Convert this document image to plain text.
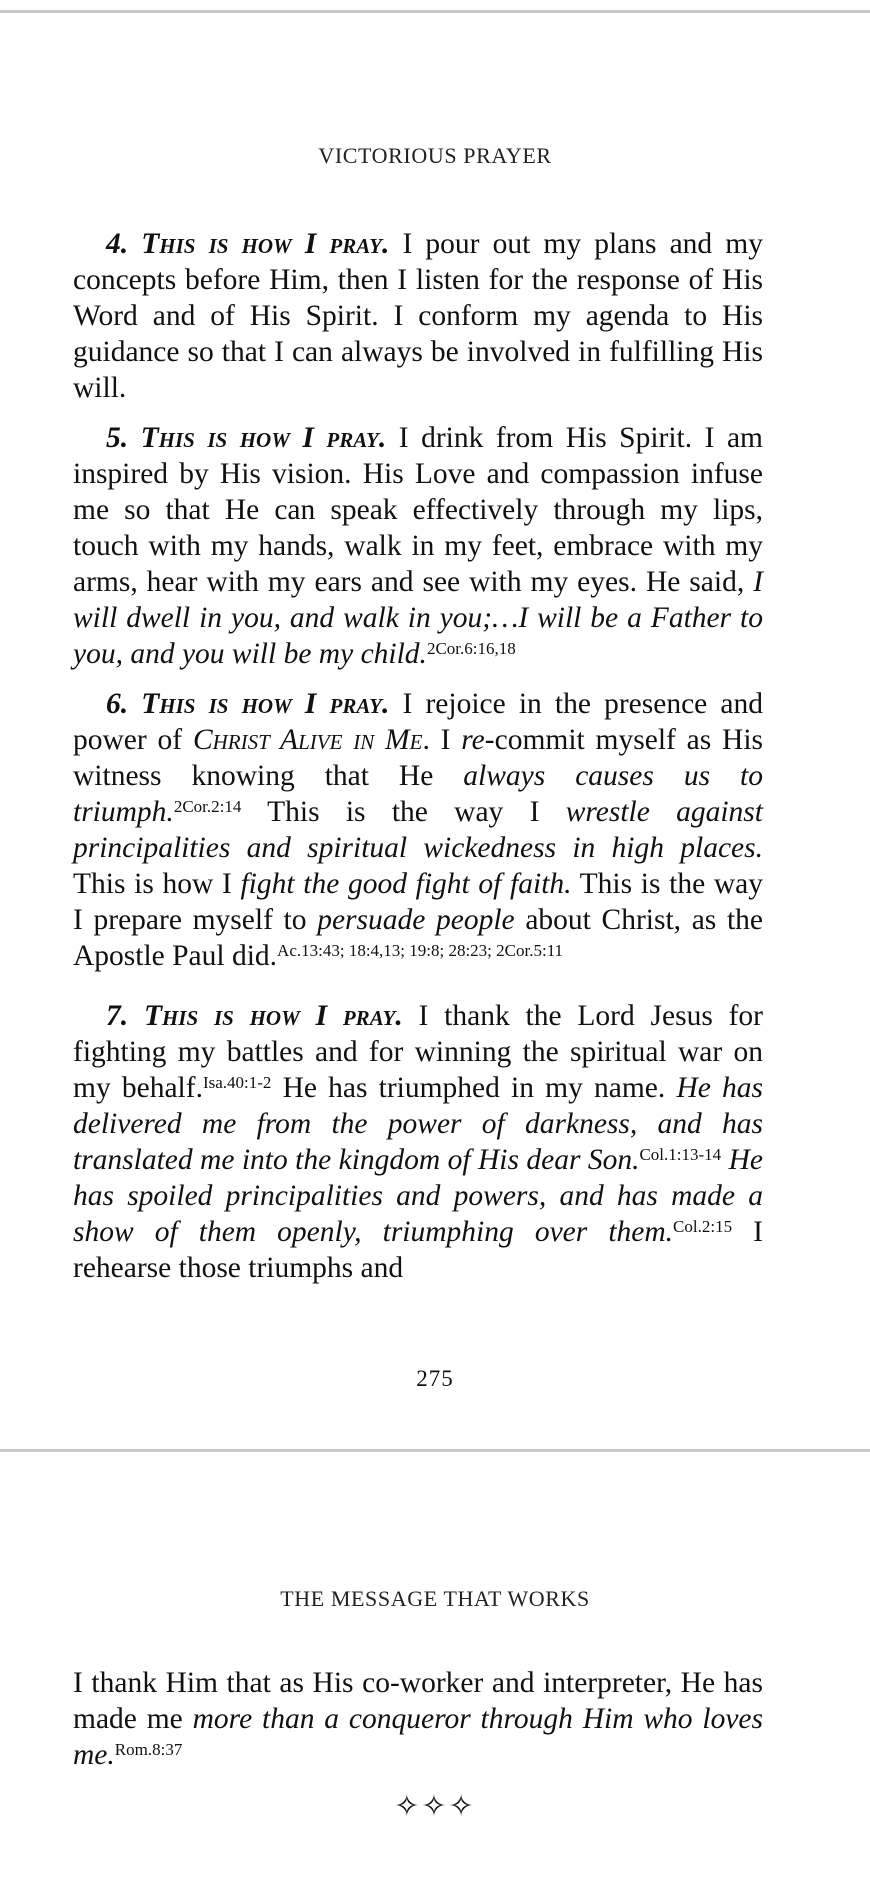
VICTORIOUS PRAYER

4. This is how I pray. I pour out my plans and my concepts before Him, then I listen for the response of His Word and of His Spirit. I conform my agenda to His guidance so that I can always be involved in fulfilling His will.

5. This is how I pray. I drink from His Spirit. I am inspired by His vision. His Love and compassion infuse me so that He can speak effectively through my lips, touch with my hands, walk in my feet, embrace with my arms, hear with my ears and see with my eyes. He said, I will dwell in you, and walk in you;…I will be a Father to you, and you will be my child.$^{2Cor.6:16,18}$

6. This is how I pray. I rejoice in the presence and power of Christ Alive in Me. I re-commit myself as His witness knowing that He always causes us to triumph.$^{2Cor.2:14}$ This is the way I wrestle against principalities and spiritual wickedness in high places. This is how I fight the good fight of faith. This is the way I prepare myself to persuade people about Christ, as the Apostle Paul did.$^{Ac.13:43; 18:4,13; 19:8; 28:23; 2Cor.5:11}$

7. This is how I pray. I thank the Lord Jesus for fighting my battles and for winning the spiritual war on my behalf.$^{Isa.40:1-2}$ He has triumphed in my name. He has delivered me from the power of darkness, and has translated me into the kingdom of His dear Son.$^{Col.1:13-14}$ He has spoiled principalities and powers, and has made a show of them openly, triumphing over them.$^{Col.2:15}$ I rehearse those triumphs and

275
THE MESSAGE THAT WORKS

I thank Him that as His co-worker and interpreter, He has made me more than a conqueror through Him who loves me.$^{Rom.8:37}$

✧✧✧
